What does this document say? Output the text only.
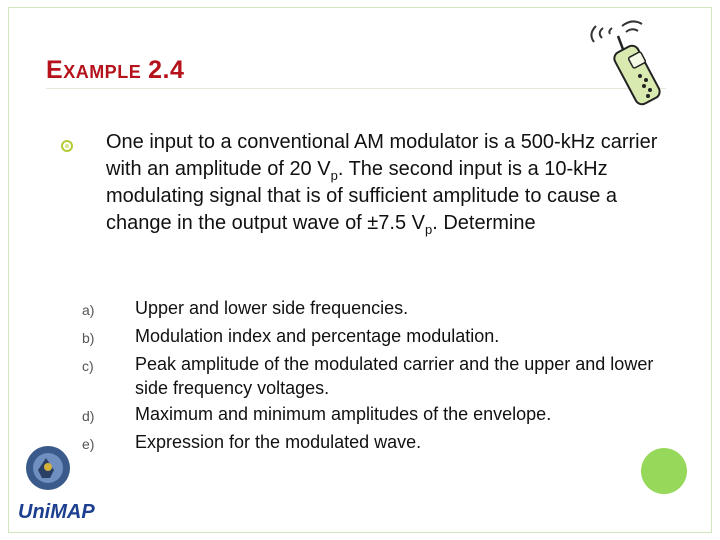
EXAMPLE 2.4

One input to a conventional AM modulator is a 500-kHz carrier with an amplitude of 20 $V_p$. The second input is a 10-kHz modulating signal that is of sufficient amplitude to cause a change in the output wave of ±7.5 $V_p$. Determine

a)	Upper and lower side frequencies.
b)	Modulation index and percentage modulation.
c)	Peak amplitude of the modulated carrier and the upper and lower side frequency voltages.
d)	Maximum and minimum amplitudes of the envelope.
e)	Expression for the modulated wave.
UniMAP
